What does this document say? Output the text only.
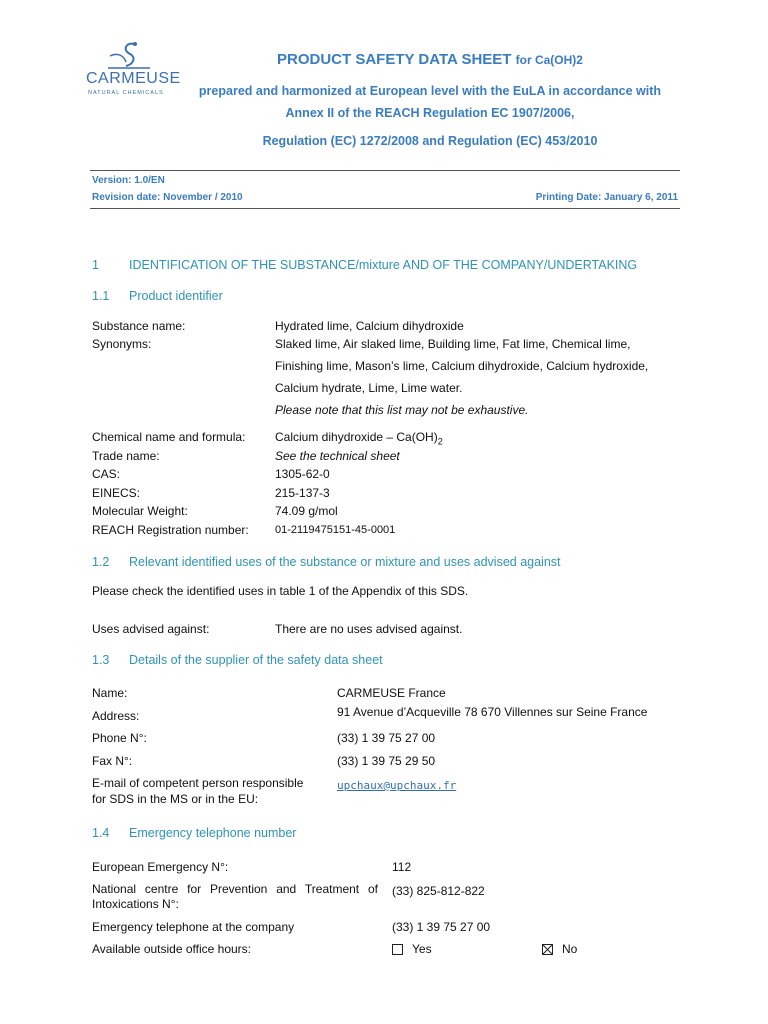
CARMEUSE
NATURAL CHEMICALS
PRODUCT SAFETY DATA SHEET for Ca(OH)2
prepared and harmonized at European level with the EuLA in accordance with
Annex II of the REACH Regulation EC 1907/2006,
Regulation (EC) 1272/2008 and Regulation (EC) 453/2010
Version: 1.0/EN
Revision date: November / 2010	Printing Date: January 6, 2011
1 IDENTIFICATION OF THE SUBSTANCE/mixture AND OF THE COMPANY/UNDERTAKING
1.1 Product identifier
Substance name:	Hydrated lime, Calcium dihydroxide
Synonyms:	Slaked lime, Air slaked lime, Building lime, Fat lime, Chemical lime,
Finishing lime, Mason’s lime, Calcium dihydroxide, Calcium hydroxide,
Calcium hydrate, Lime, Lime water.
Please note that this list may not be exhaustive.
Chemical name and formula: Calcium dihydroxide – $Ca(OH)_2$
Trade name:	See the technical sheet
CAS:	1305-62-0
EINECS:	215-137-3
Molecular Weight:	74.09 g/mol
REACH Registration number: 01-2119475151-45-0001
1.2 Relevant identified uses of the substance or mixture and uses advised against
Please check the identified uses in table 1 of the Appendix of this SDS.
Uses advised against:	There are no uses advised against.
1.3 Details of the supplier of the safety data sheet
Name:	CARMEUSE France
Address:	91 Avenue d’Acqueville 78 670 Villennes sur Seine France
Phone N°:	(33) 1 39 75 27 00
Fax N°:	(33) 1 39 75 29 50
E-mail of competent person responsible
for SDS in the MS or in the EU:
upchaux@upchaux.fr
1.4 Emergency telephone number
European Emergency N°:	112
National centre for Prevention and Treatment of
Intoxications N°:
(33) 825-812-822
Emergency telephone at the company	(33) 1 39 75 27 00
Available outside office hours:	Yes	No
